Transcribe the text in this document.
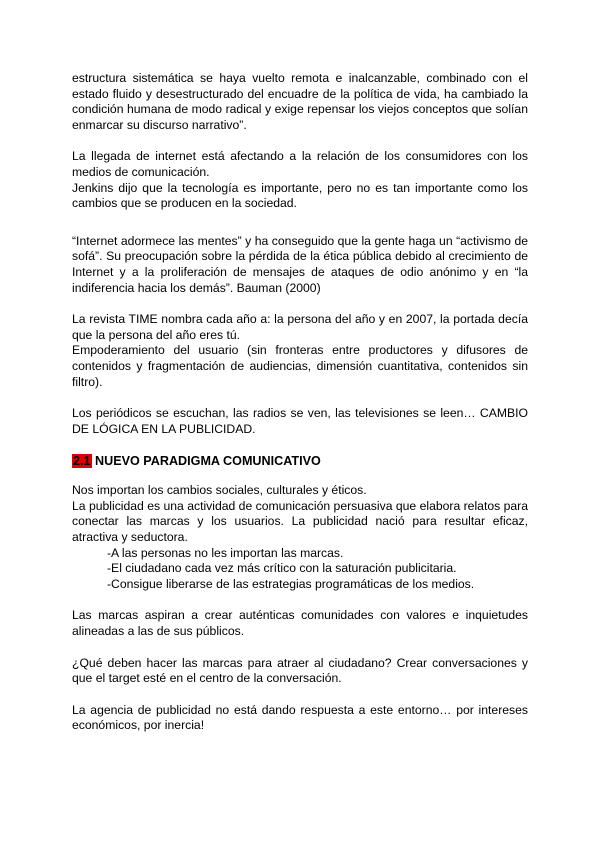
estructura sistemática se haya vuelto remota e inalcanzable, combinado con el estado fluido y desestructurado del encuadre de la política de vida, ha cambiado la condición humana de modo radical y exige repensar los viejos conceptos que solían enmarcar su discurso narrativo”.

La llegada de internet está afectando a la relación de los consumidores con los medios de comunicación.

Jenkins dijo que la tecnología es importante, pero no es tan importante como los cambios que se producen en la sociedad.

“Internet adormece las mentes” y ha conseguido que la gente haga un “activismo de sofá”. Su preocupación sobre la pérdida de la ética pública debido al crecimiento de Internet y a la proliferación de mensajes de ataques de odio anónimo y en “la indiferencia hacia los demás”. Bauman (2000)

La revista TIME nombra cada año a: la persona del año y en 2007, la portada decía que la persona del año eres tú.

Empoderamiento del usuario (sin fronteras entre productores y difusores de contenidos y fragmentación de audiencias, dimensión cuantitativa, contenidos sin filtro).

Los periódicos se escuchan, las radios se ven, las televisiones se leen… CAMBIO DE LÓGICA EN LA PUBLICIDAD.

2.1 NUEVO PARADIGMA COMUNICATIVO

Nos importan los cambios sociales, culturales y éticos.

La publicidad es una actividad de comunicación persuasiva que elabora relatos para conectar las marcas y los usuarios. La publicidad nació para resultar eficaz, atractiva y seductora.

-A las personas no les importan las marcas.

-El ciudadano cada vez más crítico con la saturación publicitaria.

-Consigue liberarse de las estrategias programáticas de los medios.

Las marcas aspiran a crear auténticas comunidades con valores e inquietudes alineadas a las de sus públicos.

¿Qué deben hacer las marcas para atraer al ciudadano? Crear conversaciones y que el target esté en el centro de la conversación.

La agencia de publicidad no está dando respuesta a este entorno… por intereses económicos, por inercia!
